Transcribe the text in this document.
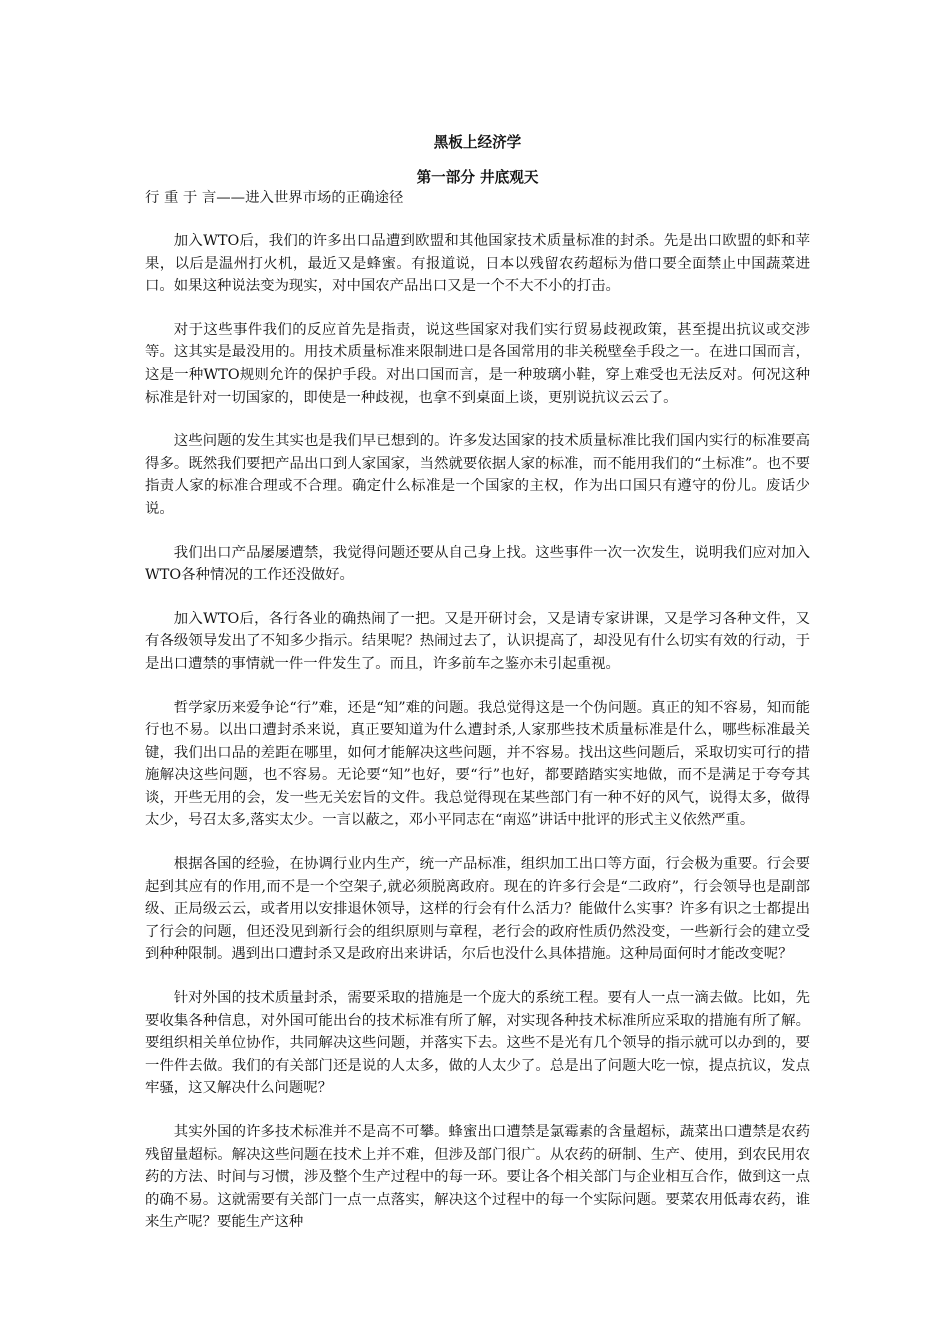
黑板上经济学
第一部分 井底观天
行 重 于 言——进入世界市场的正确途径

加入WTO后，我们的许多出口品遭到欧盟和其他国家技术质量标准的封杀。先是出口欧盟的虾和苹果，以后是温州打火机，最近又是蜂蜜。有报道说，日本以残留农药超标为借口要全面禁止中国蔬菜进口。如果这种说法变为现实，对中国农产品出口又是一个不大不小的打击。

对于这些事件我们的反应首先是指责，说这些国家对我们实行贸易歧视政策，甚至提出抗议或交涉等。这其实是最没用的。用技术质量标准来限制进口是各国常用的非关税壁垒手段之一。在进口国而言，这是一种WTO规则允许的保护手段。对出口国而言，是一种玻璃小鞋，穿上难受也无法反对。何况这种标准是针对一切国家的，即使是一种歧视，也拿不到桌面上谈，更别说抗议云云了。

这些问题的发生其实也是我们早已想到的。许多发达国家的技术质量标准比我们国内实行的标准要高得多。既然我们要把产品出口到人家国家，当然就要依据人家的标准，而不能用我们的“土标准”。也不要指责人家的标准合理或不合理。确定什么标准是一个国家的主权，作为出口国只有遵守的份儿。废话少说。

我们出口产品屡屡遭禁，我觉得问题还要从自己身上找。这些事件一次一次发生，说明我们应对加入WTO各种情况的工作还没做好。

加入WTO后，各行各业的确热闹了一把。又是开研讨会，又是请专家讲课，又是学习各种文件，又有各级领导发出了不知多少指示。结果呢？热闹过去了，认识提高了，却没见有什么切实有效的行动，于是出口遭禁的事情就一件一件发生了。而且，许多前车之鉴亦未引起重视。

哲学家历来爱争论“行”难，还是“知”难的问题。我总觉得这是一个伪问题。真正的知不容易，知而能行也不易。以出口遭封杀来说，真正要知道为什么遭封杀,人家那些技术质量标准是什么，哪些标准最关键，我们出口品的差距在哪里，如何才能解决这些问题，并不容易。找出这些问题后，采取切实可行的措施解决这些问题，也不容易。无论要“知”也好，要“行”也好，都要踏踏实实地做，而不是满足于夸夸其谈，开些无用的会，发一些无关宏旨的文件。我总觉得现在某些部门有一种不好的风气，说得太多，做得太少，号召太多,落实太少。一言以蔽之，邓小平同志在“南巡”讲话中批评的形式主义依然严重。

根据各国的经验，在协调行业内生产，统一产品标准，组织加工出口等方面，行会极为重要。行会要起到其应有的作用,而不是一个空架子,就必须脱离政府。现在的许多行会是“二政府”，行会领导也是副部级、正局级云云，或者用以安排退休领导，这样的行会有什么活力？能做什么实事？许多有识之士都提出了行会的问题，但还没见到新行会的组织原则与章程，老行会的政府性质仍然没变，一些新行会的建立受到种种限制。遇到出口遭封杀又是政府出来讲话，尔后也没什么具体措施。这种局面何时才能改变呢？

针对外国的技术质量封杀，需要采取的措施是一个庞大的系统工程。要有人一点一滴去做。比如，先要收集各种信息，对外国可能出台的技术标准有所了解，对实现各种技术标准所应采取的措施有所了解。要组织相关单位协作，共同解决这些问题，并落实下去。这些不是光有几个领导的指示就可以办到的，要一件件去做。我们的有关部门还是说的人太多，做的人太少了。总是出了问题大吃一惊，提点抗议，发点牢骚，这又解决什么问题呢？

其实外国的许多技术标准并不是高不可攀。蜂蜜出口遭禁是氯霉素的含量超标，蔬菜出口遭禁是农药残留量超标。解决这些问题在技术上并不难，但涉及部门很广。从农药的研制、生产、使用，到农民用农药的方法、时间与习惯，涉及整个生产过程中的每一环。要让各个相关部门与企业相互合作，做到这一点的确不易。这就需要有关部门一点一点落实，解决这个过程中的每一个实际问题。要菜农用低毒农药，谁来生产呢？要能生产这种
